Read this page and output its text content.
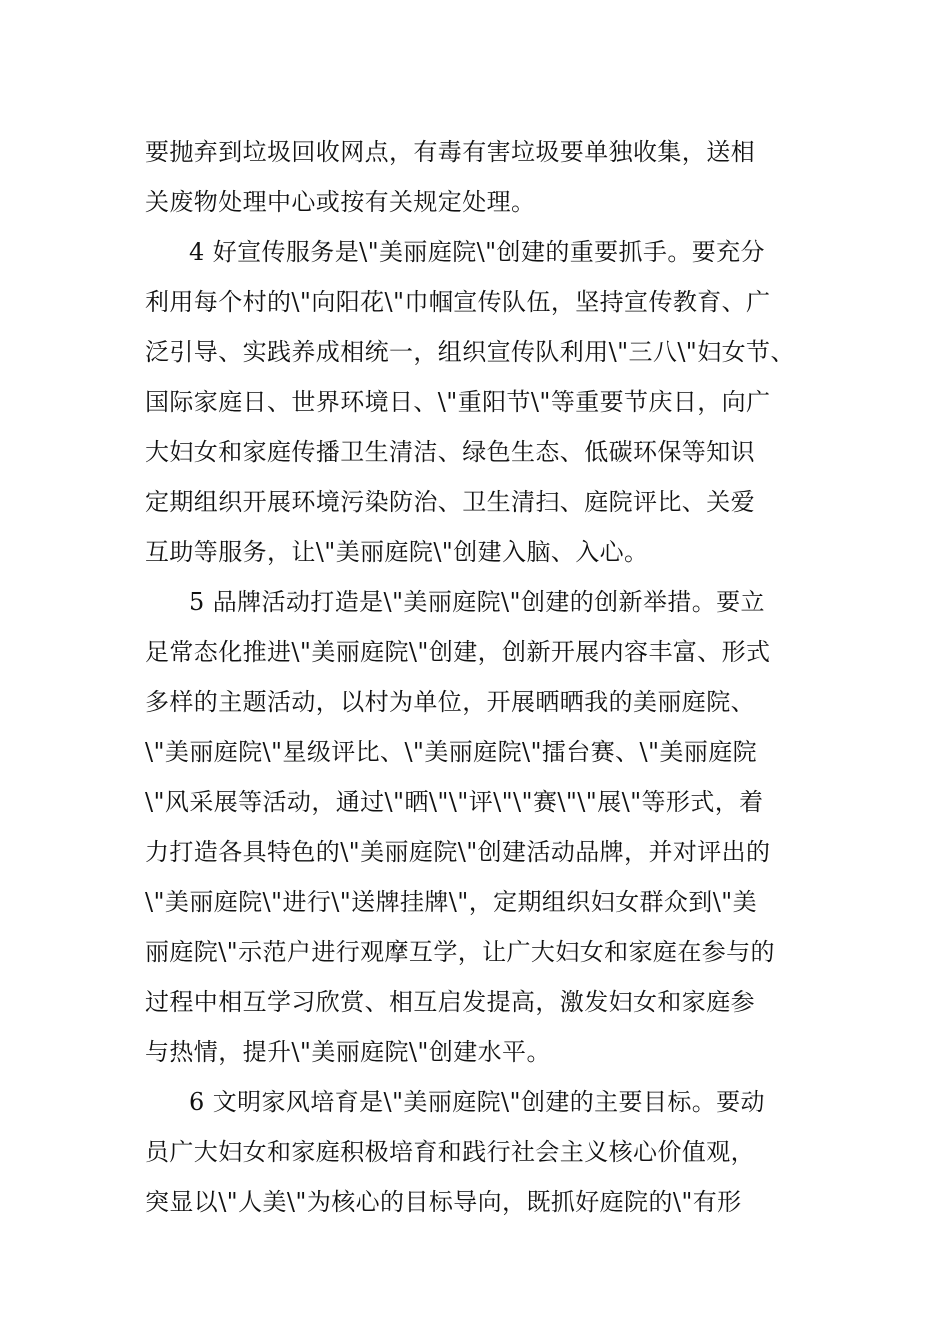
要抛弃到垃圾回收网点，有毒有害垃圾要单独收集，送相
关废物处理中心或按有关规定处理。
4 好宣传服务是\"美丽庭院\"创建的重要抓手。要充分
利用每个村的\"向阳花\"巾帼宣传队伍，坚持宣传教育、广
泛引导、实践养成相统一，组织宣传队利用\"三八\"妇女节、
国际家庭日、世界环境日、\"重阳节\"等重要节庆日，向广
大妇女和家庭传播卫生清洁、绿色生态、低碳环保等知识
定期组织开展环境污染防治、卫生清扫、庭院评比、关爱
互助等服务，让\"美丽庭院\"创建入脑、入心。
5 品牌活动打造是\"美丽庭院\"创建的创新举措。要立
足常态化推进\"美丽庭院\"创建，创新开展内容丰富、形式
多样的主题活动，以村为单位，开展晒晒我的美丽庭院、
\"美丽庭院\"星级评比、\"美丽庭院\"擂台赛、\"美丽庭院
\"风采展等活动，通过\"晒\"\"评\"\"赛\"\"展\"等形式，着
力打造各具特色的\"美丽庭院\"创建活动品牌，并对评出的
\"美丽庭院\"进行\"送牌挂牌\"，定期组织妇女群众到\"美
丽庭院\"示范户进行观摩互学，让广大妇女和家庭在参与的
过程中相互学习欣赏、相互启发提高，激发妇女和家庭参
与热情，提升\"美丽庭院\"创建水平。
6 文明家风培育是\"美丽庭院\"创建的主要目标。要动
员广大妇女和家庭积极培育和践行社会主义核心价值观，
突显以\"人美\"为核心的目标导向，既抓好庭院的\"有形
